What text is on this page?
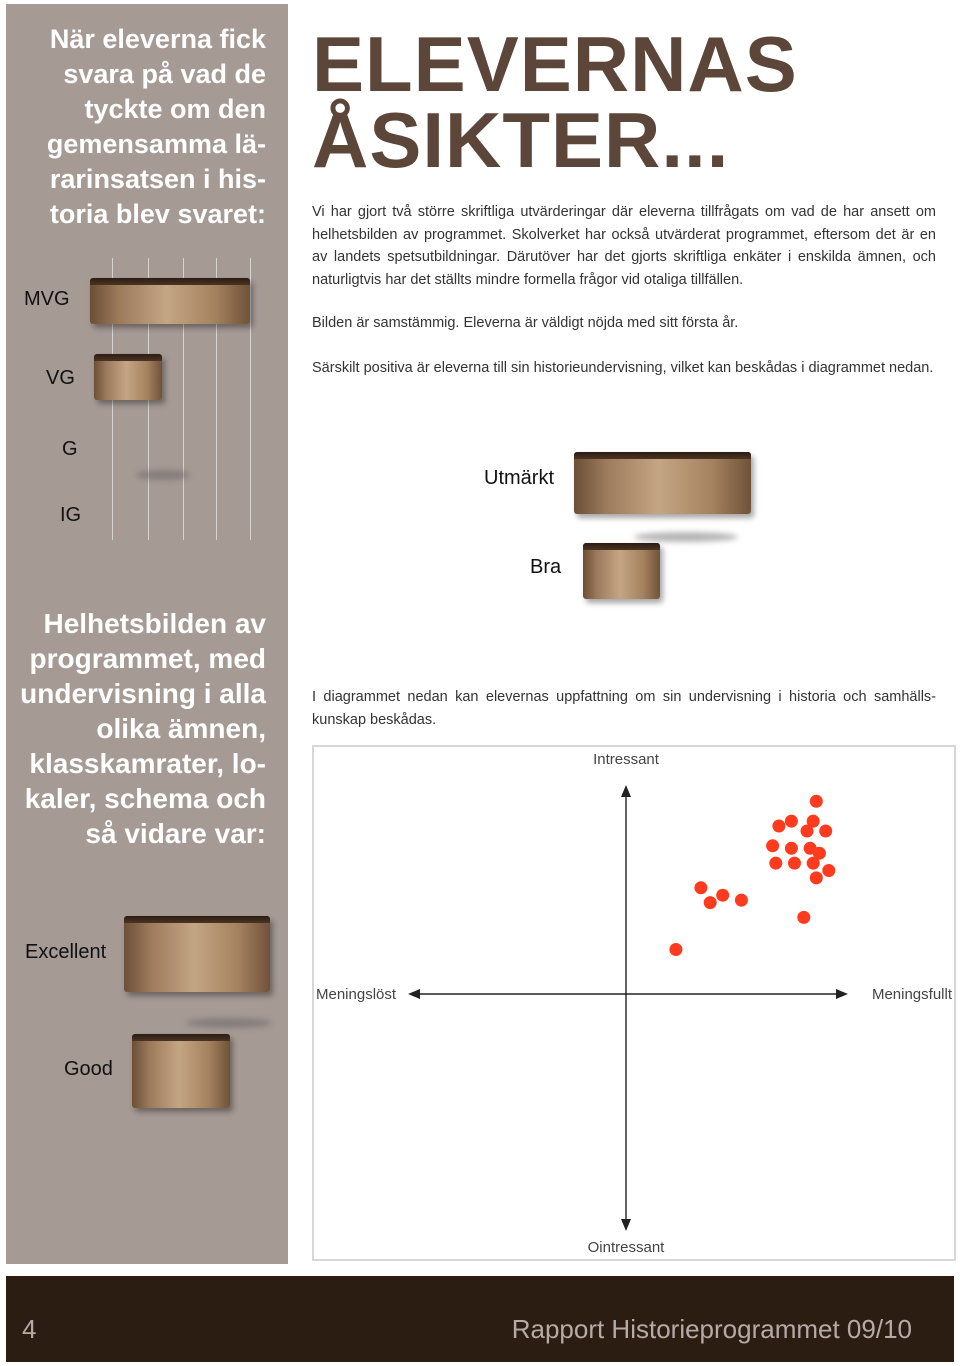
När eleverna fick
svara på vad de
tyckte om den
gemensamma lä-
rarinsatsen i his-
toria blev svaret:
MVG
VG
G
IG
Helhetsbilden av
programmet, med
undervisning i alla
olika ämnen,
klasskamrater, lo-
kaler, schema och
så vidare var:
Excellent
Good
ELEVERNAS
ÅSIKTER...

Vi har gjort två större skriftliga utvärderingar där eleverna tillfrågats om vad de har ansett om helhetsbilden av programmet. Skolverket har också utvärderat programmet, eftersom det är en av landets spetsutbildningar. Därutöver har det gjorts skriftliga enkäter i enskilda ämnen, och naturligtvis har det ställts mindre formella frågor vid otaliga tillfällen.

Bilden är samstämmig. Eleverna är väldigt nöjda med sitt första år.

Särskilt positiva är eleverna till sin historieundervisning, vilket kan beskådas i diagrammet nedan.

Utmärkt
Bra

I diagrammet nedan kan elevernas uppfattning om sin undervisning i historia och samhälls-kunskap beskådas.

Intressant
Ointressant
Meningslöst	Meningsfullt
4	Rapport Historieprogrammet 09/10
